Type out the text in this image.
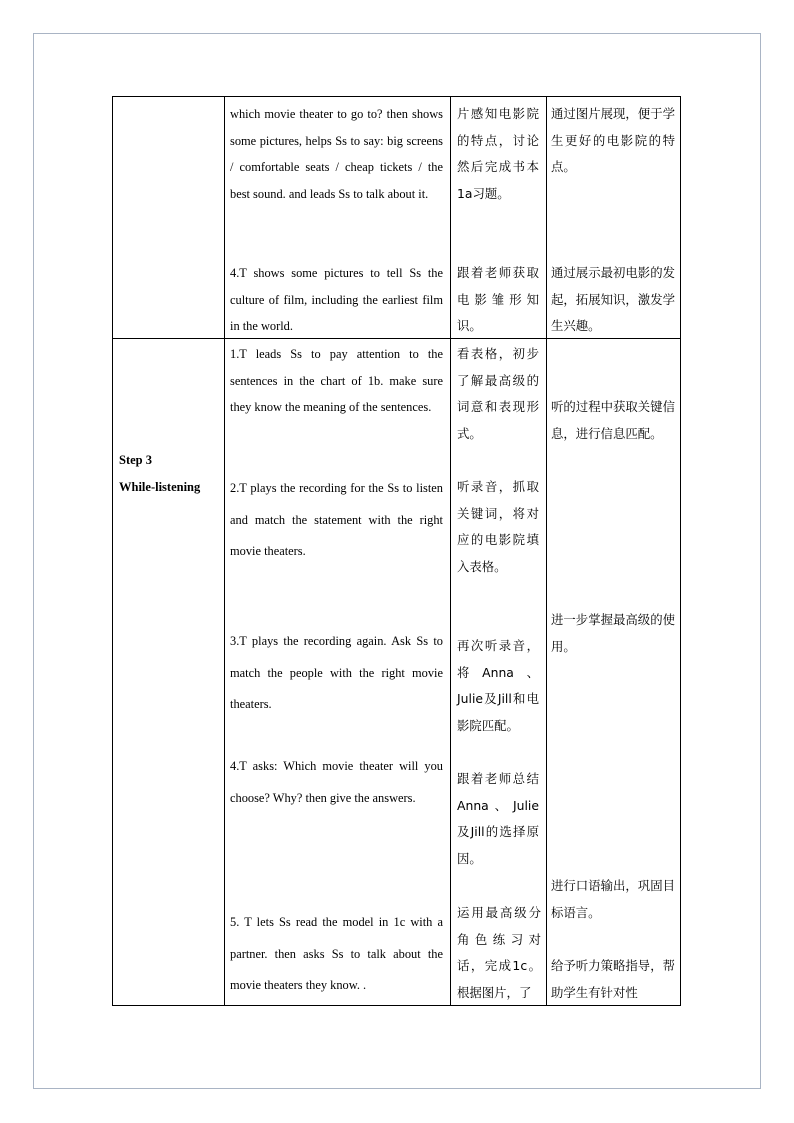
which movie theater to go to? then shows some pictures, helps Ss to say: big screens / comfortable seats / cheap tickets / the best sound. and leads Ss to talk about it.
4.T shows some pictures to tell Ss the culture of film, including the earliest film in the world.
片感知电影院的特点，讨论然后完成书本1a习题。
跟着老师获取电影雏形知识。
通过图片展现，便于学生更好的电影院的特点。
通过展示最初电影的发起，拓展知识，激发学生兴趣。
Step 3
While-listening
1.T leads Ss to pay attention to the sentences in the chart of 1b. make sure they know the meaning of the sentences.
2.T plays the recording for the Ss to listen and match the statement with the right movie theaters.
3.T plays the recording again. Ask Ss to match the people with the right movie theaters.
4.T asks: Which movie theater will you choose? Why? then give the answers.
5. T lets Ss read the model in 1c with a partner. then asks Ss to talk about the movie theaters they know. .
看表格，初步了解最高级的词意和表现形式。
听录音，抓取关键词，将对应的电影院填入表格。
再次听录音，将Anna、Julie及Jill和电影院匹配。
跟着老师总结Anna、Julie及Jill的选择原因。
运用最高级分角色练习对话，完成1c。根据图片，了
听的过程中获取关键信息，进行信息匹配。
进一步掌握最高级的使用。
进行口语输出，巩固目标语言。
给予听力策略指导，帮助学生有针对性
